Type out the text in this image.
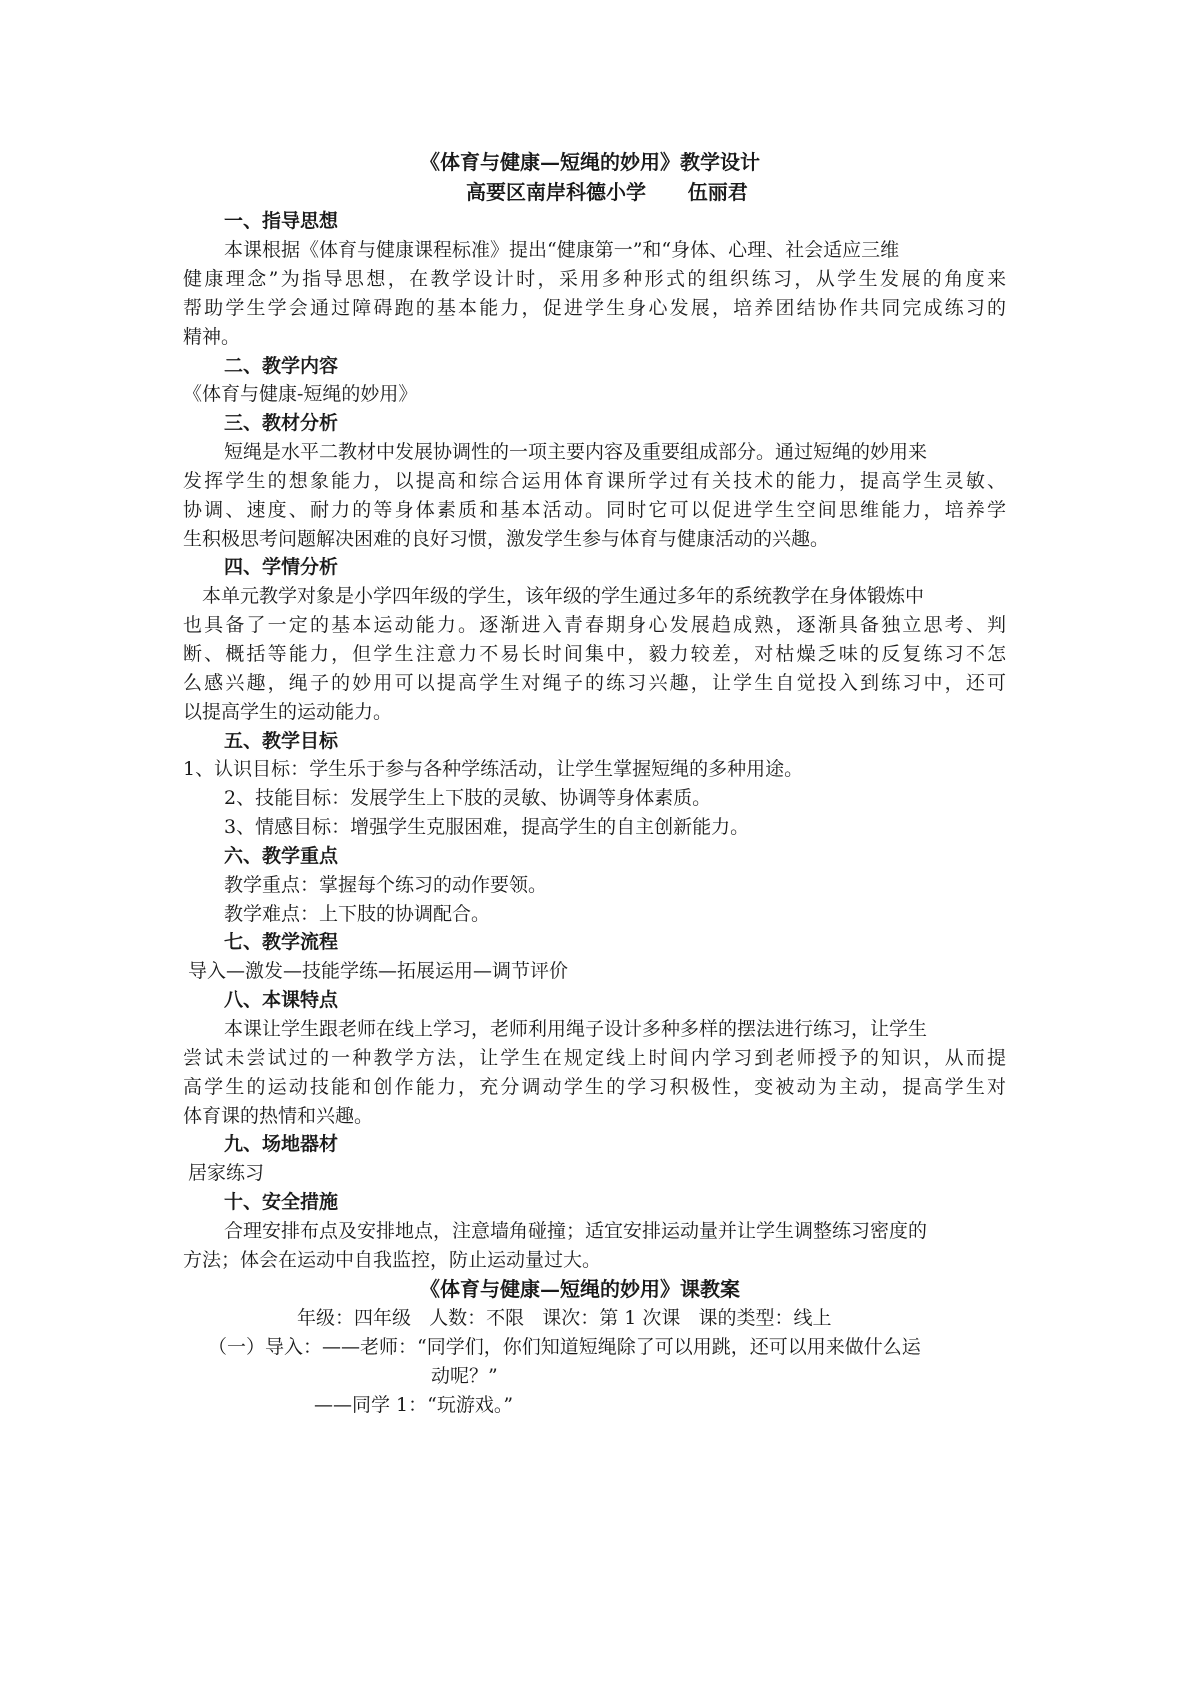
《体育与健康—短绳的妙用》教学设计
高要区南岸科德小学      伍丽君
一、指导思想
本课根据《体育与健康课程标准》提出“健康第一”和“身体、心理、社会适应三维
健康理念”为指导思想，在教学设计时，采用多种形式的组织练习，从学生发展的角度来
帮助学生学会通过障碍跑的基本能力，促进学生身心发展，培养团结协作共同完成练习的
精神。
二、教学内容
《体育与健康-短绳的妙用》
三、教材分析
短绳是水平二教材中发展协调性的一项主要内容及重要组成部分。通过短绳的妙用来
发挥学生的想象能力，以提高和综合运用体育课所学过有关技术的能力，提高学生灵敏、
协调、速度、耐力的等身体素质和基本活动。同时它可以促进学生空间思维能力，培养学
生积极思考问题解决困难的良好习惯，激发学生参与体育与健康活动的兴趣。
四、学情分析
本单元教学对象是小学四年级的学生，该年级的学生通过多年的系统教学在身体锻炼中
也具备了一定的基本运动能力。逐渐进入青春期身心发展趋成熟，逐渐具备独立思考、判
断、概括等能力，但学生注意力不易长时间集中，毅力较差，对枯燥乏味的反复练习不怎
么感兴趣，绳子的妙用可以提高学生对绳子的练习兴趣，让学生自觉投入到练习中，还可
以提高学生的运动能力。
五、教学目标
1、认识目标：学生乐于参与各种学练活动，让学生掌握短绳的多种用途。
2、技能目标：发展学生上下肢的灵敏、协调等身体素质。
3、情感目标：增强学生克服困难，提高学生的自主创新能力。
六、教学重点
教学重点：掌握每个练习的动作要领。
教学难点：上下肢的协调配合。
七、教学流程
导入—激发—技能学练—拓展运用—调节评价
八、本课特点
本课让学生跟老师在线上学习，老师利用绳子设计多种多样的摆法进行练习，让学生
尝试未尝试过的一种教学方法，让学生在规定线上时间内学习到老师授予的知识，从而提
高学生的运动技能和创作能力，充分调动学生的学习积极性，变被动为主动，提高学生对
体育课的热情和兴趣。
九、场地器材
居家练习
十、安全措施
合理安排布点及安排地点，注意墙角碰撞；适宜安排运动量并让学生调整练习密度的
方法；体会在运动中自我监控，防止运动量过大。
《体育与健康—短绳的妙用》课教案
年级：四年级   人数：不限   课次：第 1 次课   课的类型：线上
（一）导入：——老师：“同学们，你们知道短绳除了可以用跳，还可以用来做什么运
动呢？”
——同学 1：“玩游戏。”
